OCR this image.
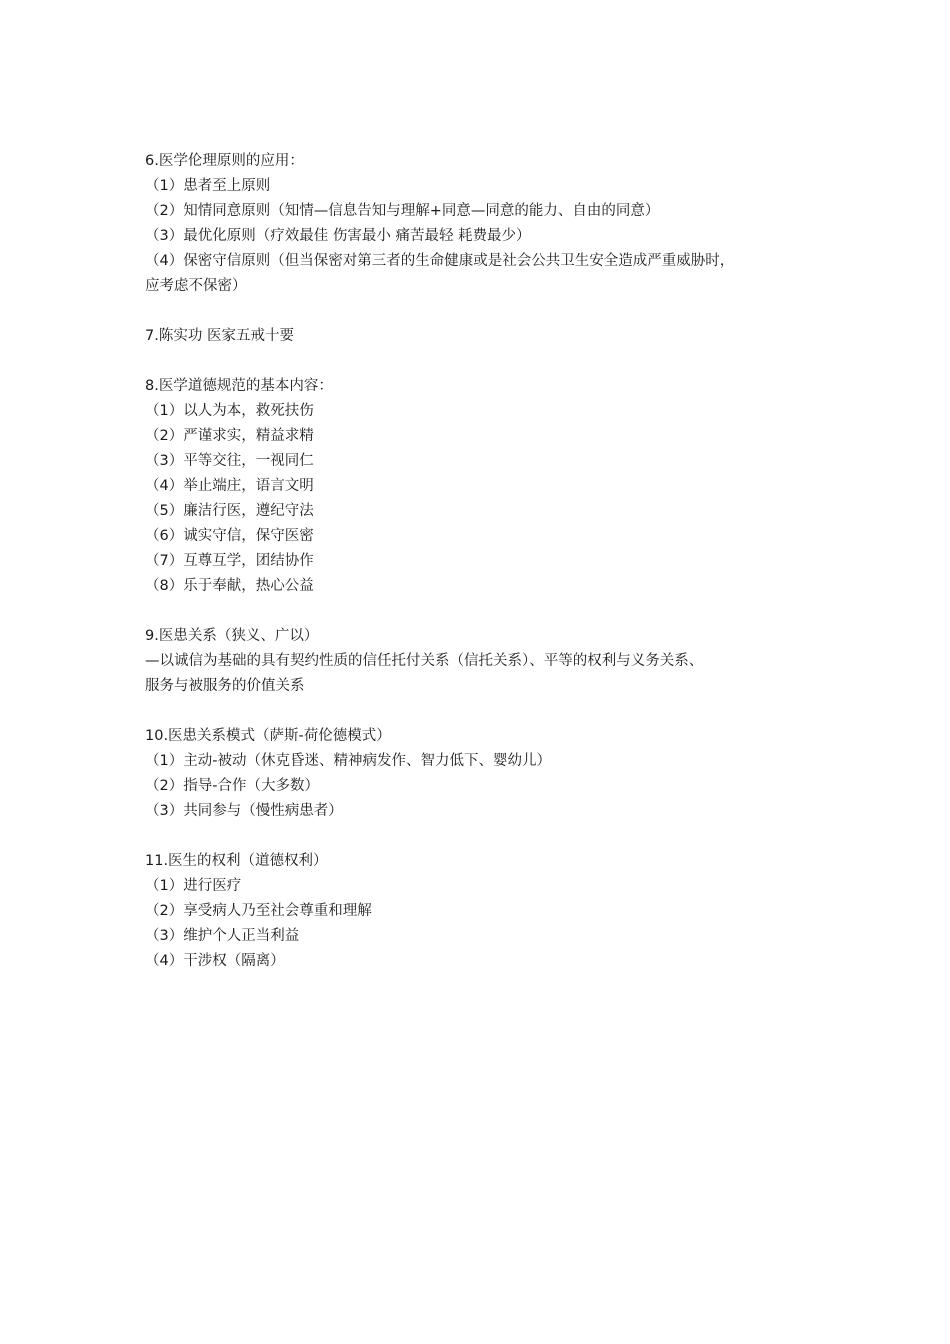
6.医学伦理原则的应用：
（1）患者至上原则
（2）知情同意原则（知情—信息告知与理解+同意—同意的能力、自由的同意）
（3）最优化原则（疗效最佳 伤害最小 痛苦最轻 耗费最少）
（4）保密守信原则（但当保密对第三者的生命健康或是社会公共卫生安全造成严重威胁时，
应考虑不保密）
7.陈实功 医家五戒十要
8.医学道德规范的基本内容：
（1）以人为本，救死扶伤
（2）严谨求实，精益求精
（3）平等交往，一视同仁
（4）举止端庄，语言文明
（5）廉洁行医，遵纪守法
（6）诚实守信，保守医密
（7）互尊互学，团结协作
（8）乐于奉献，热心公益
9.医患关系（狭义、广以）
—以诚信为基础的具有契约性质的信任托付关系（信托关系）、平等的权利与义务关系、
服务与被服务的价值关系
10.医患关系模式（萨斯-荷伦德模式）
（1）主动-被动（休克昏迷、精神病发作、智力低下、婴幼儿）
（2）指导-合作（大多数）
（3）共同参与（慢性病患者）
11.医生的权利（道德权利）
（1）进行医疗
（2）享受病人乃至社会尊重和理解
（3）维护个人正当利益
（4）干涉权（隔离）
